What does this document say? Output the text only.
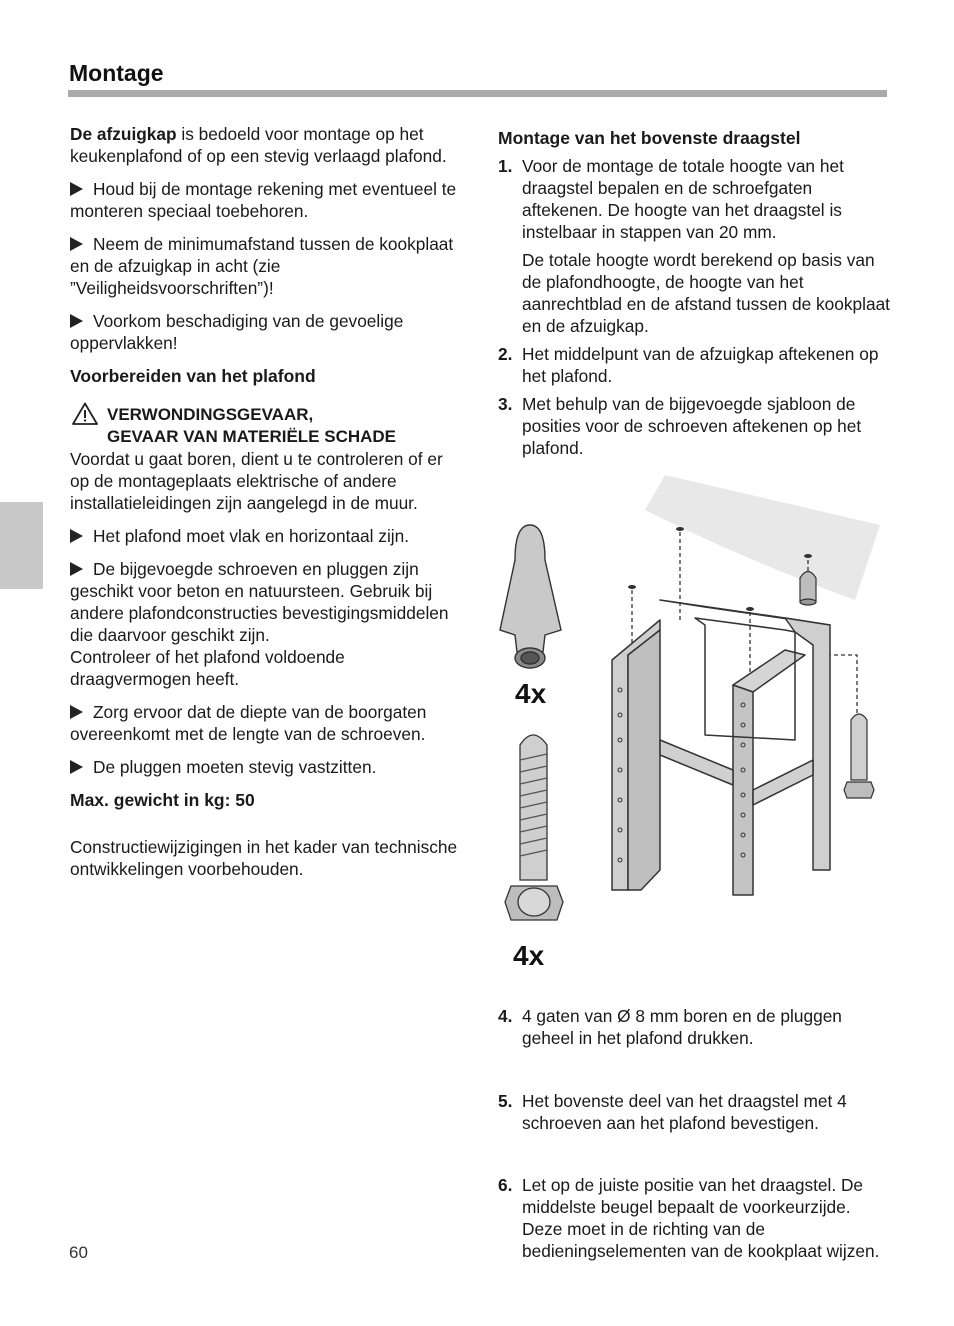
Montage

De afzuigkap is bedoeld voor montage op het keukenplafond of op een stevig verlaagd plafond.

Houd bij de montage rekening met eventueel te monteren speciaal toebehoren.

Neem de minimumafstand tussen de kookplaat en de afzuigkap in acht (zie ”Veiligheidsvoorschriften”)!

Voorkom beschadiging van de gevoelige oppervlakken!

Voorbereiden van het plafond
VERWONDINGSGEVAAR,
GEVAAR VAN MATERIËLE SCHADE

Voordat u gaat boren, dient u te controleren of er op de montageplaats elektrische of andere installatieleidingen zijn aangelegd in de muur.

Het plafond moet vlak en horizontaal zijn.

De bijgevoegde schroeven en pluggen zijn geschikt voor beton en natuursteen. Gebruik bij andere plafondconstructies bevestigingsmiddelen die daarvoor geschikt zijn.

Controleer of het plafond voldoende draagvermogen heeft.

Zorg ervoor dat de diepte van de boorgaten overeenkomt met de lengte van de schroeven.

De pluggen moeten stevig vastzitten.

Max. gewicht in kg: 50

Constructiewijzigingen in het kader van technische ontwikkelingen voorbehouden.

Montage van het bovenste draagstel
1. Voor de montage de totale hoogte van het draagstel bepalen en de schroefgaten aftekenen. De hoogte van het draagstel is instelbaar in stappen van 20 mm.

De totale hoogte wordt berekend op basis van de plafondhoogte, de hoogte van het aanrechtblad en de afstand tussen de kookplaat en de afzuigkap.

2. Het middelpunt van de afzuigkap aftekenen op het plafond.

3. Met behulp van de bijgevoegde sjabloon de posities voor de schroeven aftekenen op het plafond.

4x
4x
4. 4 gaten van Ø 8 mm boren en de pluggen geheel in het plafond drukken.

5. Het bovenste deel van het draagstel met 4 schroeven aan het plafond bevestigen.

6. Let op de juiste positie van het draagstel. De middelste beugel bepaalt de voorkeurzijde. Deze moet in de richting van de bedieningselementen van de kookplaat wijzen.

60
